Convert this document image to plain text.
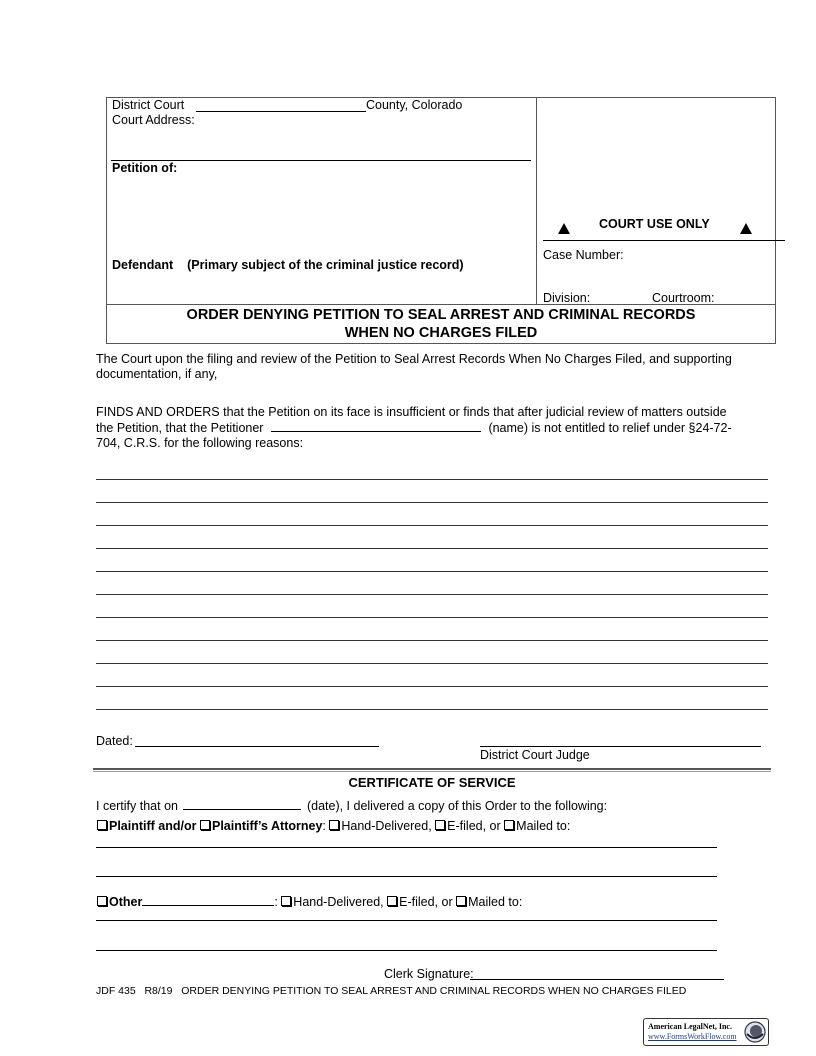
District Court	County, Colorado
Court Address:
Petition of:
Defendant (Primary subject of the criminal justice record)
COURT USE ONLY
Case Number:
Division:	Courtroom:
ORDER DENYING PETITION TO SEAL ARREST AND CRIMINAL RECORDS
WHEN NO CHARGES FILED
The Court upon the filing and review of the Petition to Seal Arrest Records When No Charges Filed, and supporting
documentation, if any,
FINDS AND ORDERS that the Petition on its face is insufficient or finds that after judicial review of matters outside
the Petition, that the Petitioner	(name) is not entitled to relief under §24-72-
704, C.R.S. for the following reasons:
Dated:
District Court Judge
CERTIFICATE OF SERVICE
I certify that on	(date), I delivered a copy of this Order to the following:
Plaintiff and/or Plaintiff’s Attorney: Hand-Delivered, E-filed, or Mailed to:
Other	: Hand-Delivered, E-filed, or Mailed to:
Clerk Signature:
JDF 435 R8/19 ORDER DENYING PETITION TO SEAL ARREST AND CRIMINAL RECORDS WHEN NO CHARGES FILED
American LegalNet, Inc.
www.FormsWorkFlow.com
